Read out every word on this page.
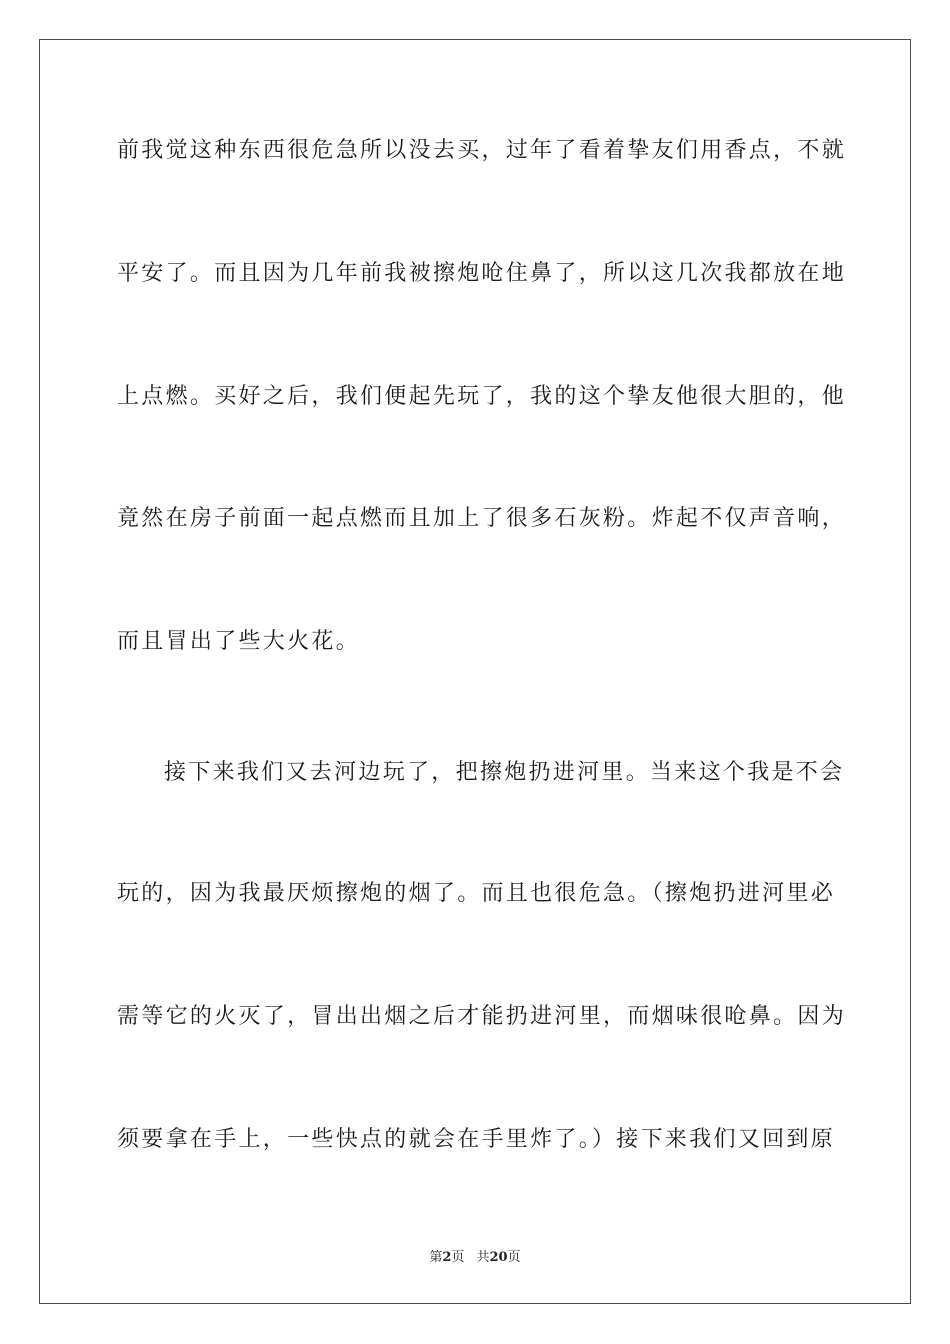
前我觉这种东西很危急所以没去买，过年了看着挚友们用香点，不就
平安了。而且因为几年前我被擦炮呛住鼻了，所以这几次我都放在地
上点燃。买好之后，我们便起先玩了，我的这个挚友他很大胆的，他
竟然在房子前面一起点燃而且加上了很多石灰粉。炸起不仅声音响，
而且冒出了些大火花。
接下来我们又去河边玩了，把擦炮扔进河里。当来这个我是不会
玩的，因为我最厌烦擦炮的烟了。而且也很危急。（擦炮扔进河里必
需等它的火灭了，冒出出烟之后才能扔进河里，而烟味很呛鼻。因为
须要拿在手上，一些快点的就会在手里炸了。）接下来我们又回到原
第2页 共20页
